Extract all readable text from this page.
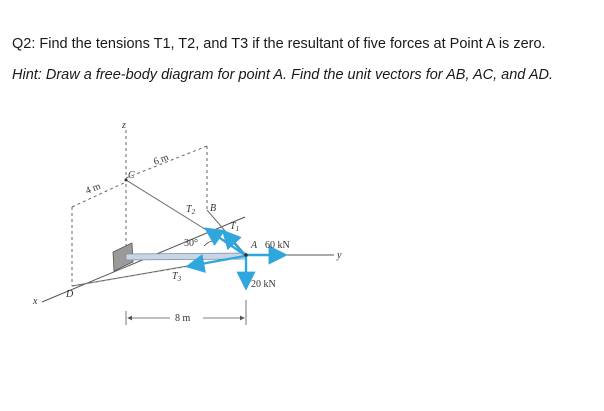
Q2: Find the tensions T1, T2, and T3 if the resultant of five forces at Point A is zero.
Hint: Draw a free-body diagram for point A. Find the unit vectors for AB, AC, and AD.
z
x
y
C
B
A
D
4 m
6 m
$T_2$
$T_1$
$T_3$
30°	60 kN
20 kN
8 m
